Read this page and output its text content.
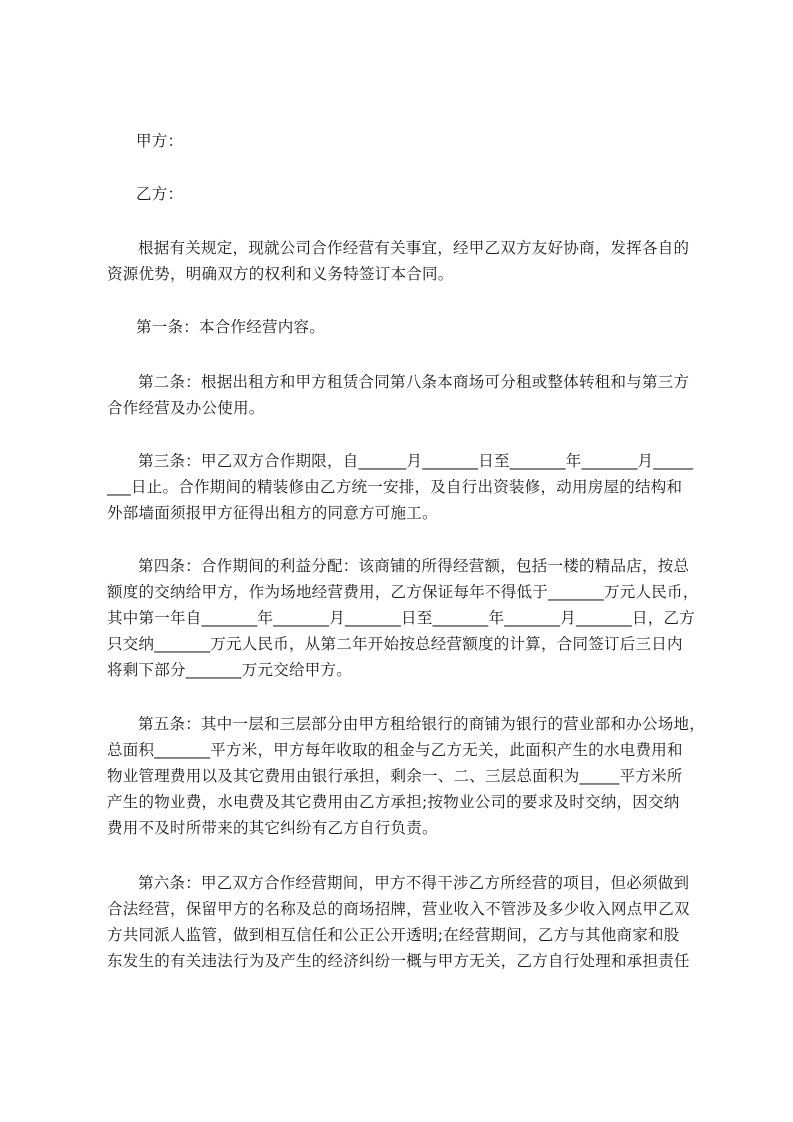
甲方：
乙方：
根据有关规定，现就公司合作经营有关事宜，经甲乙双方友好协商，发挥各自的
资源优势，明确双方的权利和义务特签订本合同。
第一条：本合作经营内容。
第二条：根据出租方和甲方租赁合同第八条本商场可分租或整体转租和与第三方
合作经营及办公使用。
第三条：甲乙双方合作期限，自______月_______日至_______年_______月_____
___日止。合作期间的精装修由乙方统一安排，及自行出资装修，动用房屋的结构和
外部墙面须报甲方征得出租方的同意方可施工。
第四条：合作期间的利益分配：该商铺的所得经营额，包括一楼的精品店，按总
额度的交纳给甲方，作为场地经营费用，乙方保证每年不得低于_______万元人民币，
其中第一年自_______年_______月_______日至_______年_______月_______日，乙方
只交纳_______万元人民币，从第二年开始按总经营额度的计算，合同签订后三日内
将剩下部分_______万元交给甲方。
第五条：其中一层和三层部分由甲方租给银行的商铺为银行的营业部和办公场地，
总面积_______平方米，甲方每年收取的租金与乙方无关，此面积产生的水电费用和
物业管理费用以及其它费用由银行承担，剩余一、二、三层总面积为_____平方米所
产生的物业费，水电费及其它费用由乙方承担;按物业公司的要求及时交纳，因交纳
费用不及时所带来的其它纠纷有乙方自行负责。
第六条：甲乙双方合作经营期间，甲方不得干涉乙方所经营的项目，但必须做到
合法经营，保留甲方的名称及总的商场招牌，营业收入不管涉及多少收入网点甲乙双
方共同派人监管，做到相互信任和公正公开透明;在经营期间，乙方与其他商家和股
东发生的有关违法行为及产生的经济纠纷一概与甲方无关，乙方自行处理和承担责任
